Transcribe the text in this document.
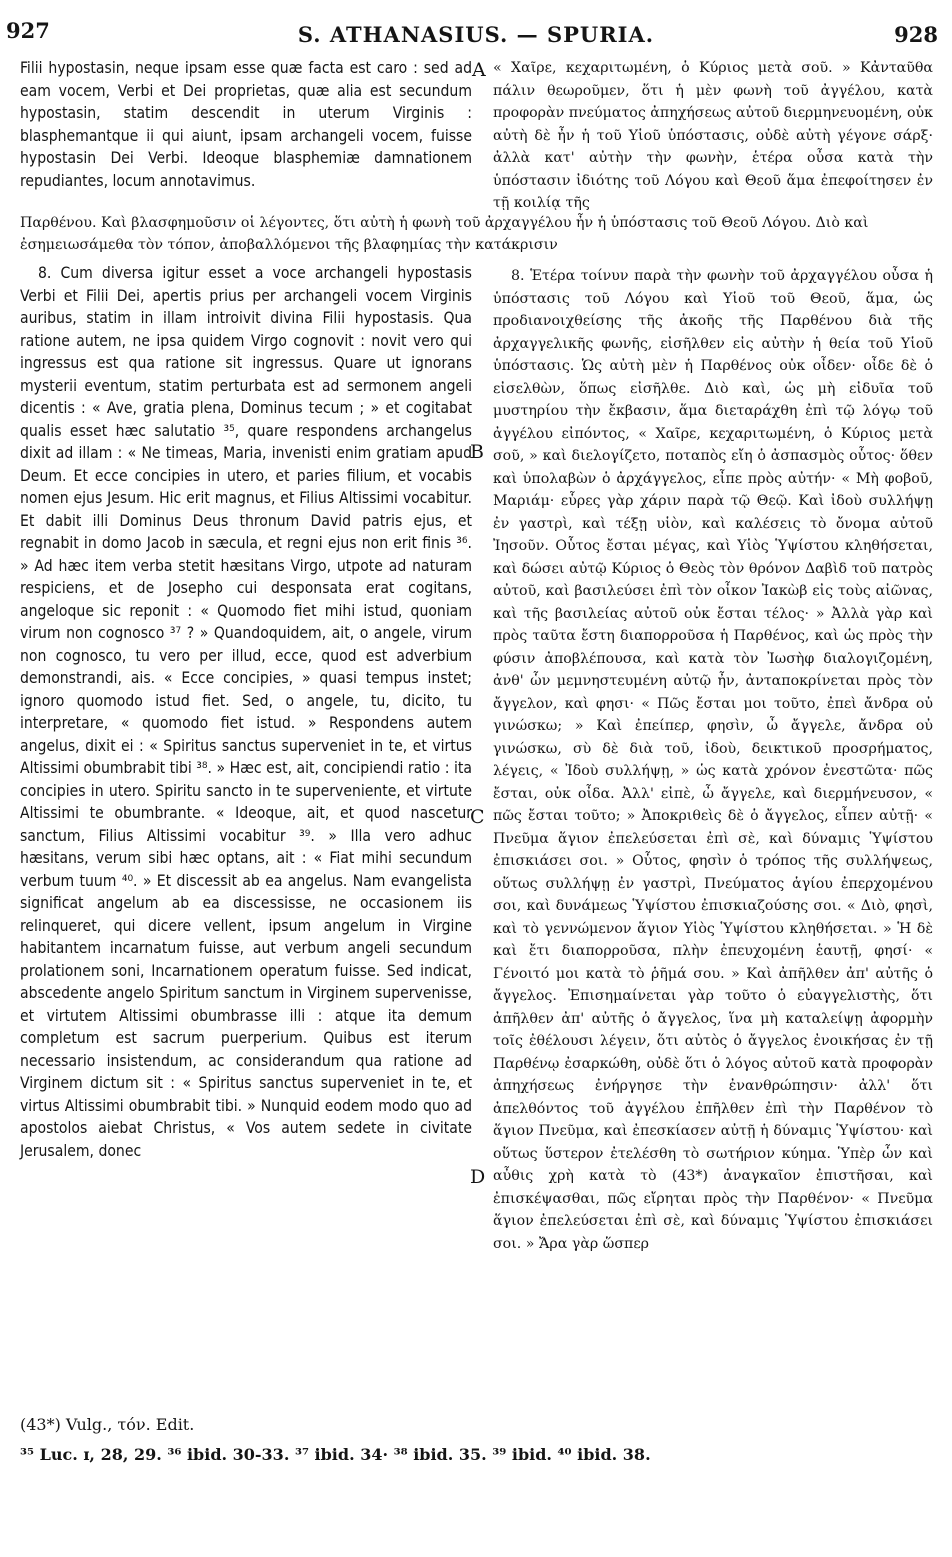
927	S. ATHANASIUS. — SPURIA.	928

Filii hypostasin, neque ipsam esse quæ facta est caro : sed ad eam vocem, Verbi et Dei proprietas, quæ alia est secundum hypostasin, statim descendit in uterum Virginis : blasphemantque ii qui aiunt, ipsam archangeli vocem, fuisse hypostasin Dei Verbi. Ideoque blasphemiæ damnationem repudiantes, locum annotavimus.

« Χαῖρε, κεχαριτωμένη, ὁ Κύριος μετὰ σοῦ. » Κἀνταῦθα πάλιν θεωροῦμεν, ὅτι ἡ μὲν φωνὴ τοῦ ἀγγέλου, κατὰ προφορὰν πνεύματος ἀπηχήσεως αὐτοῦ διερμηνευομένη, οὐκ αὐτὴ δὲ ἦν ἡ τοῦ Υἱοῦ ὑπόστασις, οὐδὲ αὐτὴ γέγονε σάρξ· ἀλλὰ κατ' αὐτὴν τὴν φωνὴν, ἑτέρα οὖσα κατὰ τὴν ὑπόστασιν ἰδιότης τοῦ Λόγου καὶ Θεοῦ ἅμα ἐπεφοίτησεν ἐν τῇ κοιλίᾳ τῆς

Παρθένου. Καὶ βλασφημοῦσιν οἱ λέγοντες, ὅτι αὐτὴ ἡ φωνὴ τοῦ ἀρχαγγέλου ἦν ἡ ὑπόστασις τοῦ Θεοῦ Λόγου. Διὸ καὶ ἐσημειωσάμεθα τὸν τόπον, ἀποβαλλόμενοι τῆς βλαφημίας τὴν κατάκρισιν

8. Cum diversa igitur esset a voce archangeli hypostasis Verbi et Filii Dei, apertis prius per archangeli vocem Virginis auribus, statim in illam introivit divina Filii hypostasis. Qua ratione autem, ne ipsa quidem Virgo cognovit : novit vero qui ingressus est qua ratione sit ingressus. Quare ut ignorans mysterii eventum, statim perturbata est ad sermonem angeli dicentis : « Ave, gratia plena, Dominus tecum ; » et cogitabat qualis esset hæc salutatio ³⁵, quare respondens archangelus dixit ad illam : « Ne timeas, Maria, invenisti enim gratiam apud Deum. Et ecce concipies in utero, et paries filium, et vocabis nomen ejus Jesum. Hic erit magnus, et Filius Altissimi vocabitur. Et dabit illi Dominus Deus thronum David patris ejus, et regnabit in domo Jacob in sæcula, et regni ejus non erit finis ³⁶. » Ad hæc item verba stetit hæsitans Virgo, utpote ad naturam respiciens, et de Josepho cui desponsata erat cogitans, angeloque sic reponit : « Quomodo fiet mihi istud, quoniam virum non cognosco ³⁷ ? » Quandoquidem, ait, o angele, virum non cognosco, tu vero per illud, ecce, quod est adverbium demonstrandi, ais. « Ecce concipies, » quasi tempus instet; ignoro quomodo istud fiet. Sed, o angele, tu, dicito, tu interpretare, « quomodo fiet istud. » Respondens autem angelus, dixit ei : « Spiritus sanctus superveniet in te, et virtus Altissimi obumbrabit tibi ³⁸. » Hæc est, ait, concipiendi ratio : ita concipies in utero. Spiritu sancto in te superveniente, et virtute Altissimi te obumbrante. « Ideoque, ait, et quod nascetur sanctum, Filius Altissimi vocabitur ³⁹. » Illa vero adhuc hæsitans, verum sibi hæc optans, ait : « Fiat mihi secundum verbum tuum ⁴⁰. » Et discessit ab ea angelus. Nam evangelista significat angelum ab ea discessisse, ne occasionem iis relinqueret, qui dicere vellent, ipsum angelum in Virgine habitantem incarnatum fuisse, aut verbum angeli secundum prolationem soni, Incarnationem operatum fuisse. Sed indicat, abscedente angelo Spiritum sanctum in Virginem supervenisse, et virtutem Altissimi obumbrasse illi : atque ita demum completum est sacrum puerperium. Quibus est iterum necessario insistendum, ac considerandum qua ratione ad Virginem dictum sit : « Spiritus sanctus superveniet in te, et virtus Altissimi obumbrabit tibi. » Nunquid eodem modo quo ad apostolos aiebat Christus, « Vos autem sedete in civitate Jerusalem, donec

8. Ἑτέρα τοίνυν παρὰ τὴν φωνὴν τοῦ ἀρχαγγέλου οὖσα ἡ ὑπόστασις τοῦ Λόγου καὶ Υἱοῦ τοῦ Θεοῦ, ἅμα, ὡς προδιανοιχθείσης τῆς ἀκοῆς τῆς Παρθένου διὰ τῆς ἀρχαγγελικῆς φωνῆς, εἰσῆλθεν εἰς αὐτὴν ἡ θεία τοῦ Υἱοῦ ὑπόστασις. Ὡς αὐτὴ μὲν ἡ Παρθένος οὐκ οἶδεν· οἶδε δὲ ὁ εἰσελθὼν, ὅπως εἰσῆλθε. Διὸ καὶ, ὡς μὴ εἰδυῖα τοῦ μυστηρίου τὴν ἔκβασιν, ἅμα διεταράχθη ἐπὶ τῷ λόγῳ τοῦ ἀγγέλου εἰπόντος, « Χαῖρε, κεχαριτωμένη, ὁ Κύριος μετὰ σοῦ, » καὶ διελογίζετο, ποταπὸς εἴη ὁ ἀσπασμὸς οὗτος· ὅθεν καὶ ὑπολαβὼν ὁ ἀρχάγγελος, εἶπε πρὸς αὐτήν· « Μὴ φοβοῦ, Μαριάμ· εὗρες γὰρ χάριν παρὰ τῷ Θεῷ. Καὶ ἰδοὺ συλλήψῃ ἐν γαστρὶ, καὶ τέξῃ υἱὸν, καὶ καλέσεις τὸ ὄνομα αὐτοῦ Ἰησοῦν. Οὗτος ἔσται μέγας, καὶ Υἱὸς Ὑψίστου κληθήσεται, καὶ δώσει αὐτῷ Κύριος ὁ Θεὸς τὸν θρόνον Δαβὶδ τοῦ πατρὸς αὐτοῦ, καὶ βασιλεύσει ἐπὶ τὸν οἶκον Ἰακὼβ εἰς τοὺς αἰῶνας, καὶ τῆς βασιλείας αὐτοῦ οὐκ ἔσται τέλος· » Ἀλλὰ γὰρ καὶ πρὸς ταῦτα ἔστη διαπορροῦσα ἡ Παρθένος, καὶ ὡς πρὸς τὴν φύσιν ἀποβλέπουσα, καὶ κατὰ τὸν Ἰωσὴφ διαλογιζομένη, ἀνθ' ὧν μεμνηστευμένη αὐτῷ ἦν, ἀνταποκρίνεται πρὸς τὸν ἄγγελον, καὶ φησι· « Πῶς ἔσται μοι τοῦτο, ἐπεὶ ἄνδρα οὐ γινώσκω; » Καὶ ἐπείπερ, φησὶν, ὦ ἄγγελε, ἄνδρα οὐ γινώσκω, σὺ δὲ διὰ τοῦ, ἰδοὺ, δεικτικοῦ προσρήματος, λέγεις, « Ἰδοὺ συλλήψῃ, » ὡς κατὰ χρόνον ἐνεστῶτα· πῶς ἔσται, οὐκ οἶδα. Ἀλλ' εἰπὲ, ὦ ἄγγελε, καὶ διερμήνευσον, « πῶς ἔσται τοῦτο; » Ἀποκριθεὶς δὲ ὁ ἄγγελος, εἶπεν αὐτῇ· « Πνεῦμα ἅγιον ἐπελεύσεται ἐπὶ σὲ, καὶ δύναμις Ὑψίστου ἐπισκιάσει σοι. » Οὗτος, φησὶν ὁ τρόπος τῆς συλλήψεως, οὕτως συλλήψῃ ἐν γαστρὶ, Πνεύματος ἁγίου ἐπερχομένου σοι, καὶ δυνάμεως Ὑψίστου ἐπισκιαζούσης σοι. « Διὸ, φησὶ, καὶ τὸ γεννώμενον ἅγιον Υἱὸς Ὑψίστου κληθήσεται. » Ἡ δὲ καὶ ἔτι διαπορροῦσα, πλὴν ἐπευχομένη ἑαυτῇ, φησί· « Γένοιτό μοι κατὰ τὸ ῥῆμά σου. » Καὶ ἀπῆλθεν ἀπ' αὐτῆς ὁ ἄγγελος. Ἐπισημαίνεται γὰρ τοῦτο ὁ εὐαγγελιστὴς, ὅτι ἀπῆλθεν ἀπ' αὐτῆς ὁ ἄγγελος, ἵνα μὴ καταλείψῃ ἀφορμὴν τοῖς ἐθέλουσι λέγειν, ὅτι αὐτὸς ὁ ἄγγελος ἐνοικήσας ἐν τῇ Παρθένῳ ἐσαρκώθη, οὐδὲ ὅτι ὁ λόγος αὐτοῦ κατὰ προφορὰν ἀπηχήσεως ἐνήργησε τὴν ἐνανθρώπησιν· ἀλλ' ὅτι ἀπελθόντος τοῦ ἀγγέλου ἐπῆλθεν ἐπὶ τὴν Παρθένον τὸ ἅγιον Πνεῦμα, καὶ ἐπεσκίασεν αὐτῇ ἡ δύναμις Ὑψίστου· καὶ οὕτως ὕστερον ἐτελέσθη τὸ σωτήριον κύημα. Ὑπὲρ ὧν καὶ αὖθις χρὴ κατὰ τὸ (43*) ἀναγκαῖον ἐπιστῆσαι, καὶ ἐπισκέψασθαι, πῶς εἴρηται πρὸς τὴν Παρθένον· « Πνεῦμα ἅγιον ἐπελεύσεται ἐπὶ σὲ, καὶ δύναμις Ὑψίστου ἐπισκιάσει σοι. » Ἄρα γὰρ ὥσπερ

A
B
C
D

(43*) Vulg., τόν. Edit.

³⁵ Luc. ɪ, 28, 29. ³⁶ ibid. 30-33. ³⁷ ibid. 34· ³⁸ ibid. 35. ³⁹ ibid. ⁴⁰ ibid. 38.
